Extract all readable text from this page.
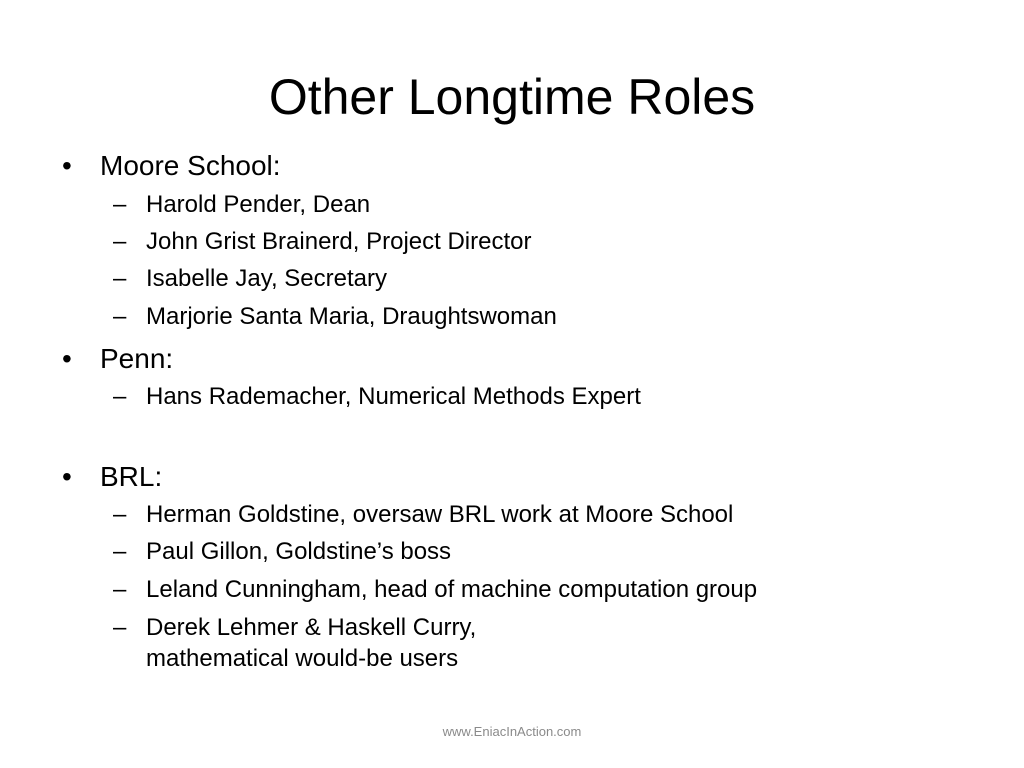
Other Longtime Roles
•	Moore School:
– Harold Pender, Dean
– John Grist Brainerd, Project Director
– Isabelle Jay, Secretary
– Marjorie Santa Maria, Draughtswoman
•	Penn:
– Hans Rademacher, Numerical Methods Expert
•	BRL:
– Herman Goldstine, oversaw BRL work at Moore School
– Paul Gillon, Goldstine’s boss
– Leland Cunningham, head of machine computation group
– Derek Lehmer & Haskell Curry,
mathematical would-be users
www.EniacInAction.com
